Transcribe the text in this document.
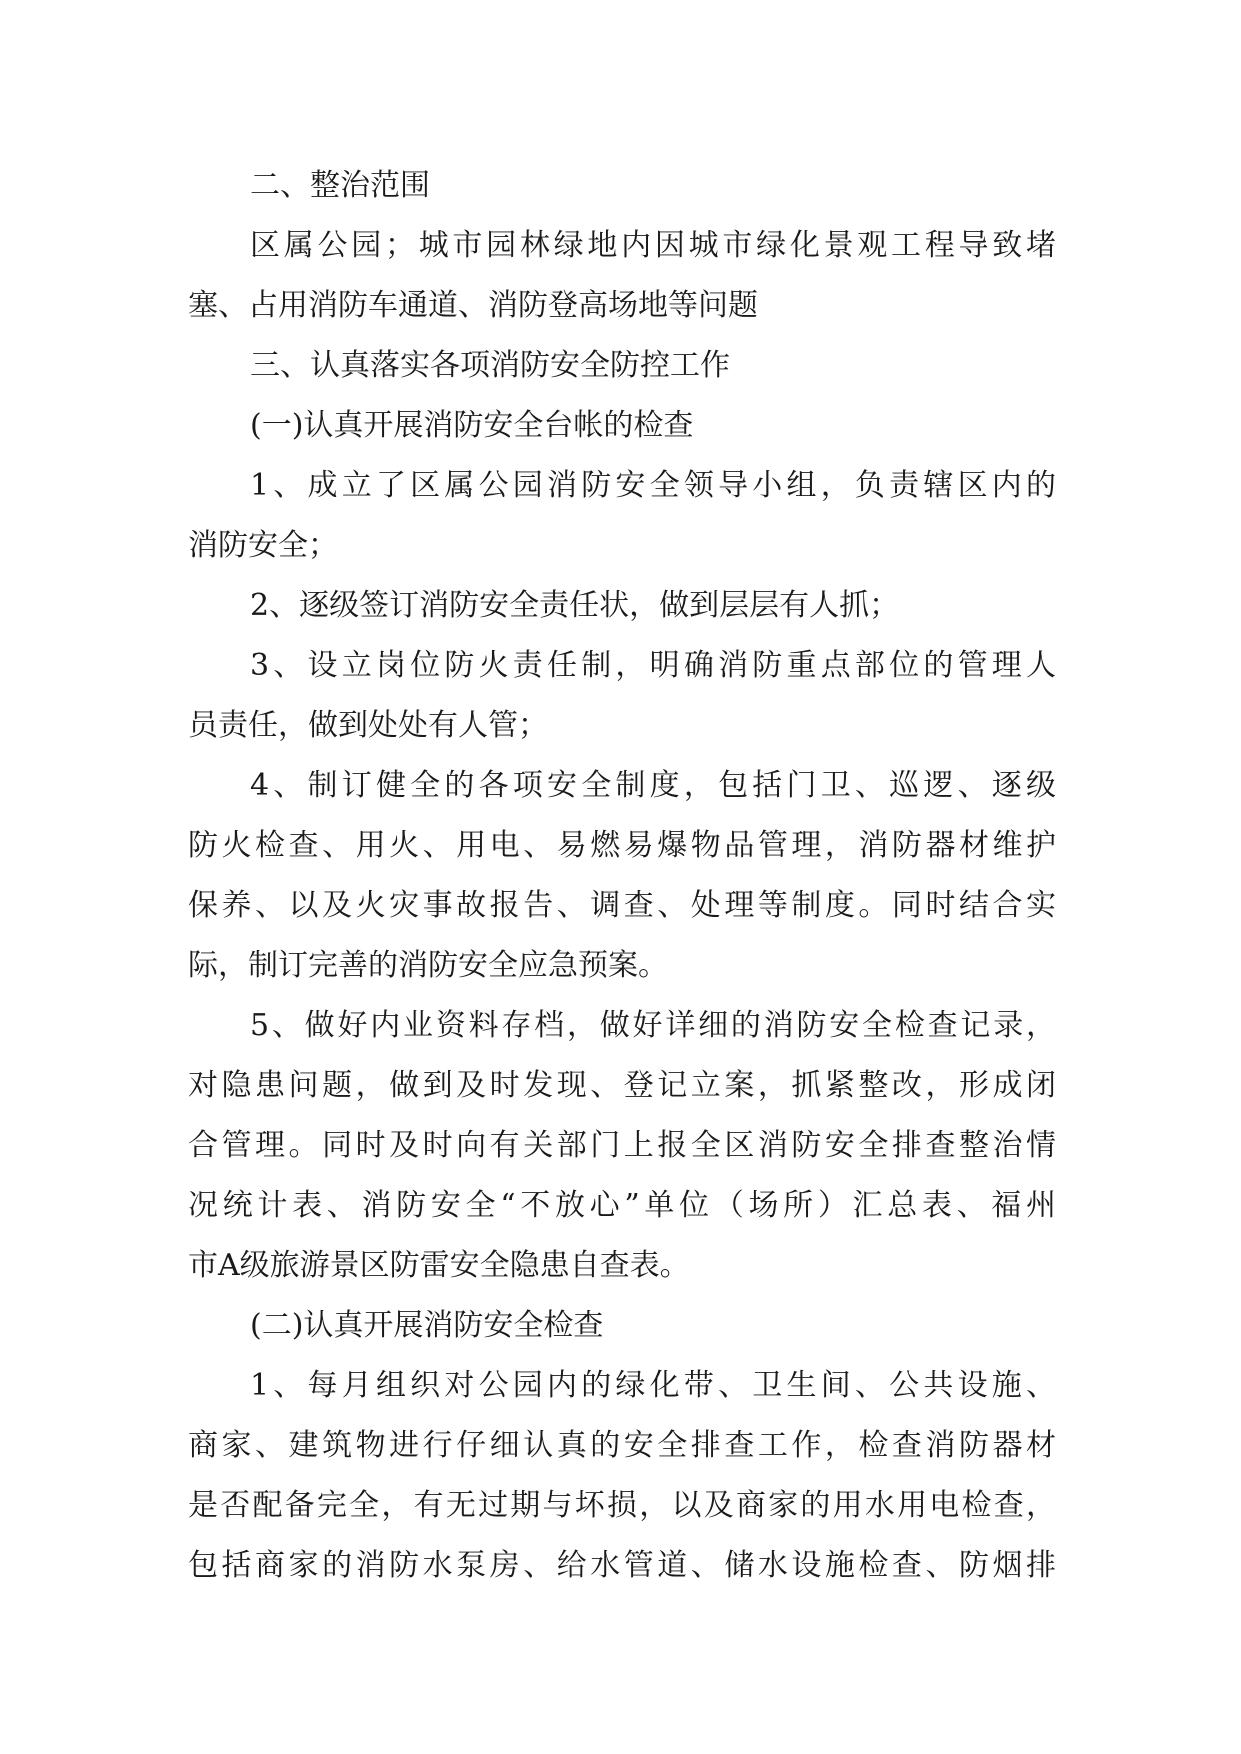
二、整治范围
区属公园；城市园林绿地内因城市绿化景观工程导致堵
塞、占用消防车通道、消防登高场地等问题
三、认真落实各项消防安全防控工作
(一)认真开展消防安全台帐的检查
1、成立了区属公园消防安全领导小组，负责辖区内的
消防安全；
2、逐级签订消防安全责任状，做到层层有人抓；
3、设立岗位防火责任制，明确消防重点部位的管理人
员责任，做到处处有人管；
4、制订健全的各项安全制度，包括门卫、巡逻、逐级
防火检查、用火、用电、易燃易爆物品管理，消防器材维护
保养、以及火灾事故报告、调查、处理等制度。同时结合实
际，制订完善的消防安全应急预案。
5、做好内业资料存档，做好详细的消防安全检查记录，
对隐患问题，做到及时发现、登记立案，抓紧整改，形成闭
合管理。同时及时向有关部门上报全区消防安全排查整治情
况统计表、消防安全“不放心”单位（场所）汇总表、福州
市A级旅游景区防雷安全隐患自查表。
(二)认真开展消防安全检查
1、每月组织对公园内的绿化带、卫生间、公共设施、
商家、建筑物进行仔细认真的安全排查工作，检查消防器材
是否配备完全，有无过期与坏损，以及商家的用水用电检查，
包括商家的消防水泵房、给水管道、储水设施检查、防烟排
